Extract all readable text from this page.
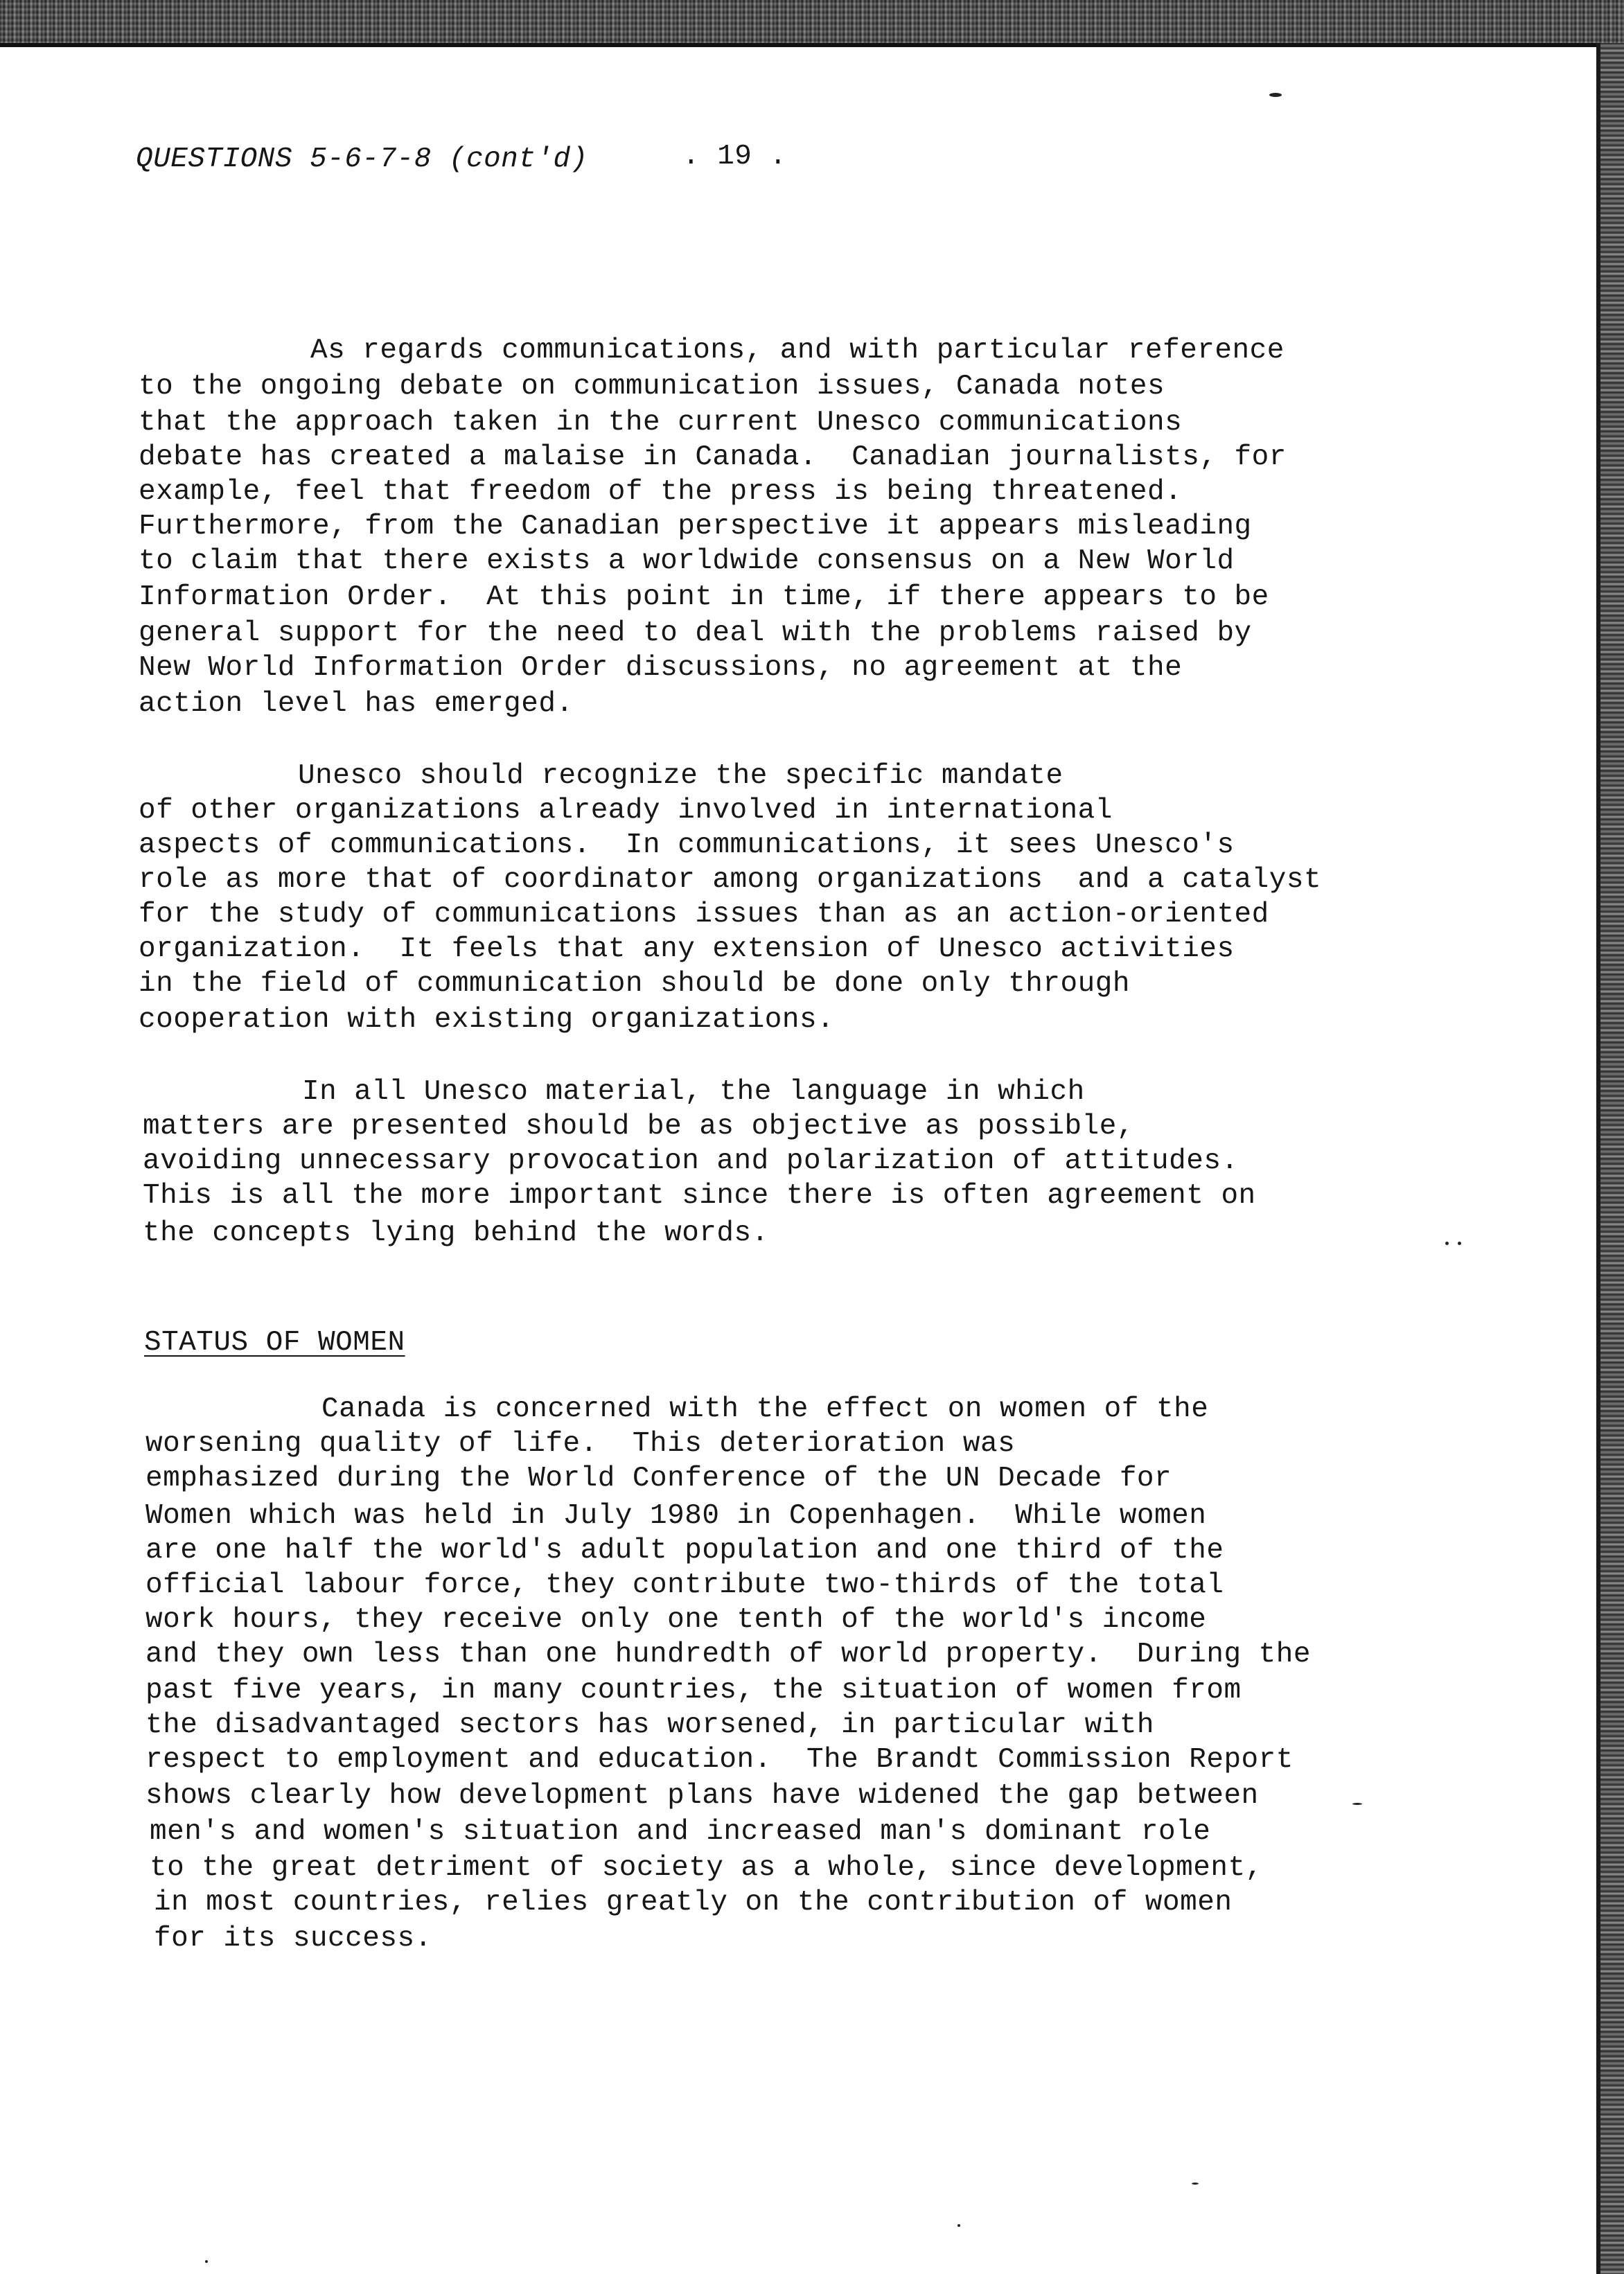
QUESTIONS 5-6-7-8 (cont'd)	. 19 .
As regards communications, and with particular reference
to the ongoing debate on communication issues, Canada notes
that the approach taken in the current Unesco communications
debate has created a malaise in Canada.  Canadian journalists, for
example, feel that freedom of the press is being threatened.
Furthermore, from the Canadian perspective it appears misleading
to claim that there exists a worldwide consensus on a New World
Information Order.  At this point in time, if there appears to be
general support for the need to deal with the problems raised by
New World Information Order discussions, no agreement at the
action level has emerged.
Unesco should recognize the specific mandate
of other organizations already involved in international
aspects of communications.  In communications, it sees Unesco's
role as more that of coordinator among organizations  and a catalyst
for the study of communications issues than as an action-oriented
organization.  It feels that any extension of Unesco activities
in the field of communication should be done only through
cooperation with existing organizations.
In all Unesco material, the language in which
matters are presented should be as objective as possible,
avoiding unnecessary provocation and polarization of attitudes.
This is all the more important since there is often agreement on
the concepts lying behind the words.
STATUS OF WOMEN
Canada is concerned with the effect on women of the
worsening quality of life.  This deterioration was
emphasized during the World Conference of the UN Decade for
Women which was held in July 1980 in Copenhagen.  While women
are one half the world's adult population and one third of the
official labour force, they contribute two-thirds of the total
work hours, they receive only one tenth of the world's income
and they own less than one hundredth of world property.  During the
past five years, in many countries, the situation of women from
the disadvantaged sectors has worsened, in particular with
respect to employment and education.  The Brandt Commission Report
shows clearly how development plans have widened the gap between
men's and women's situation and increased man's dominant role
to the great detriment of society as a whole, since development,
in most countries, relies greatly on the contribution of women
for its success.
